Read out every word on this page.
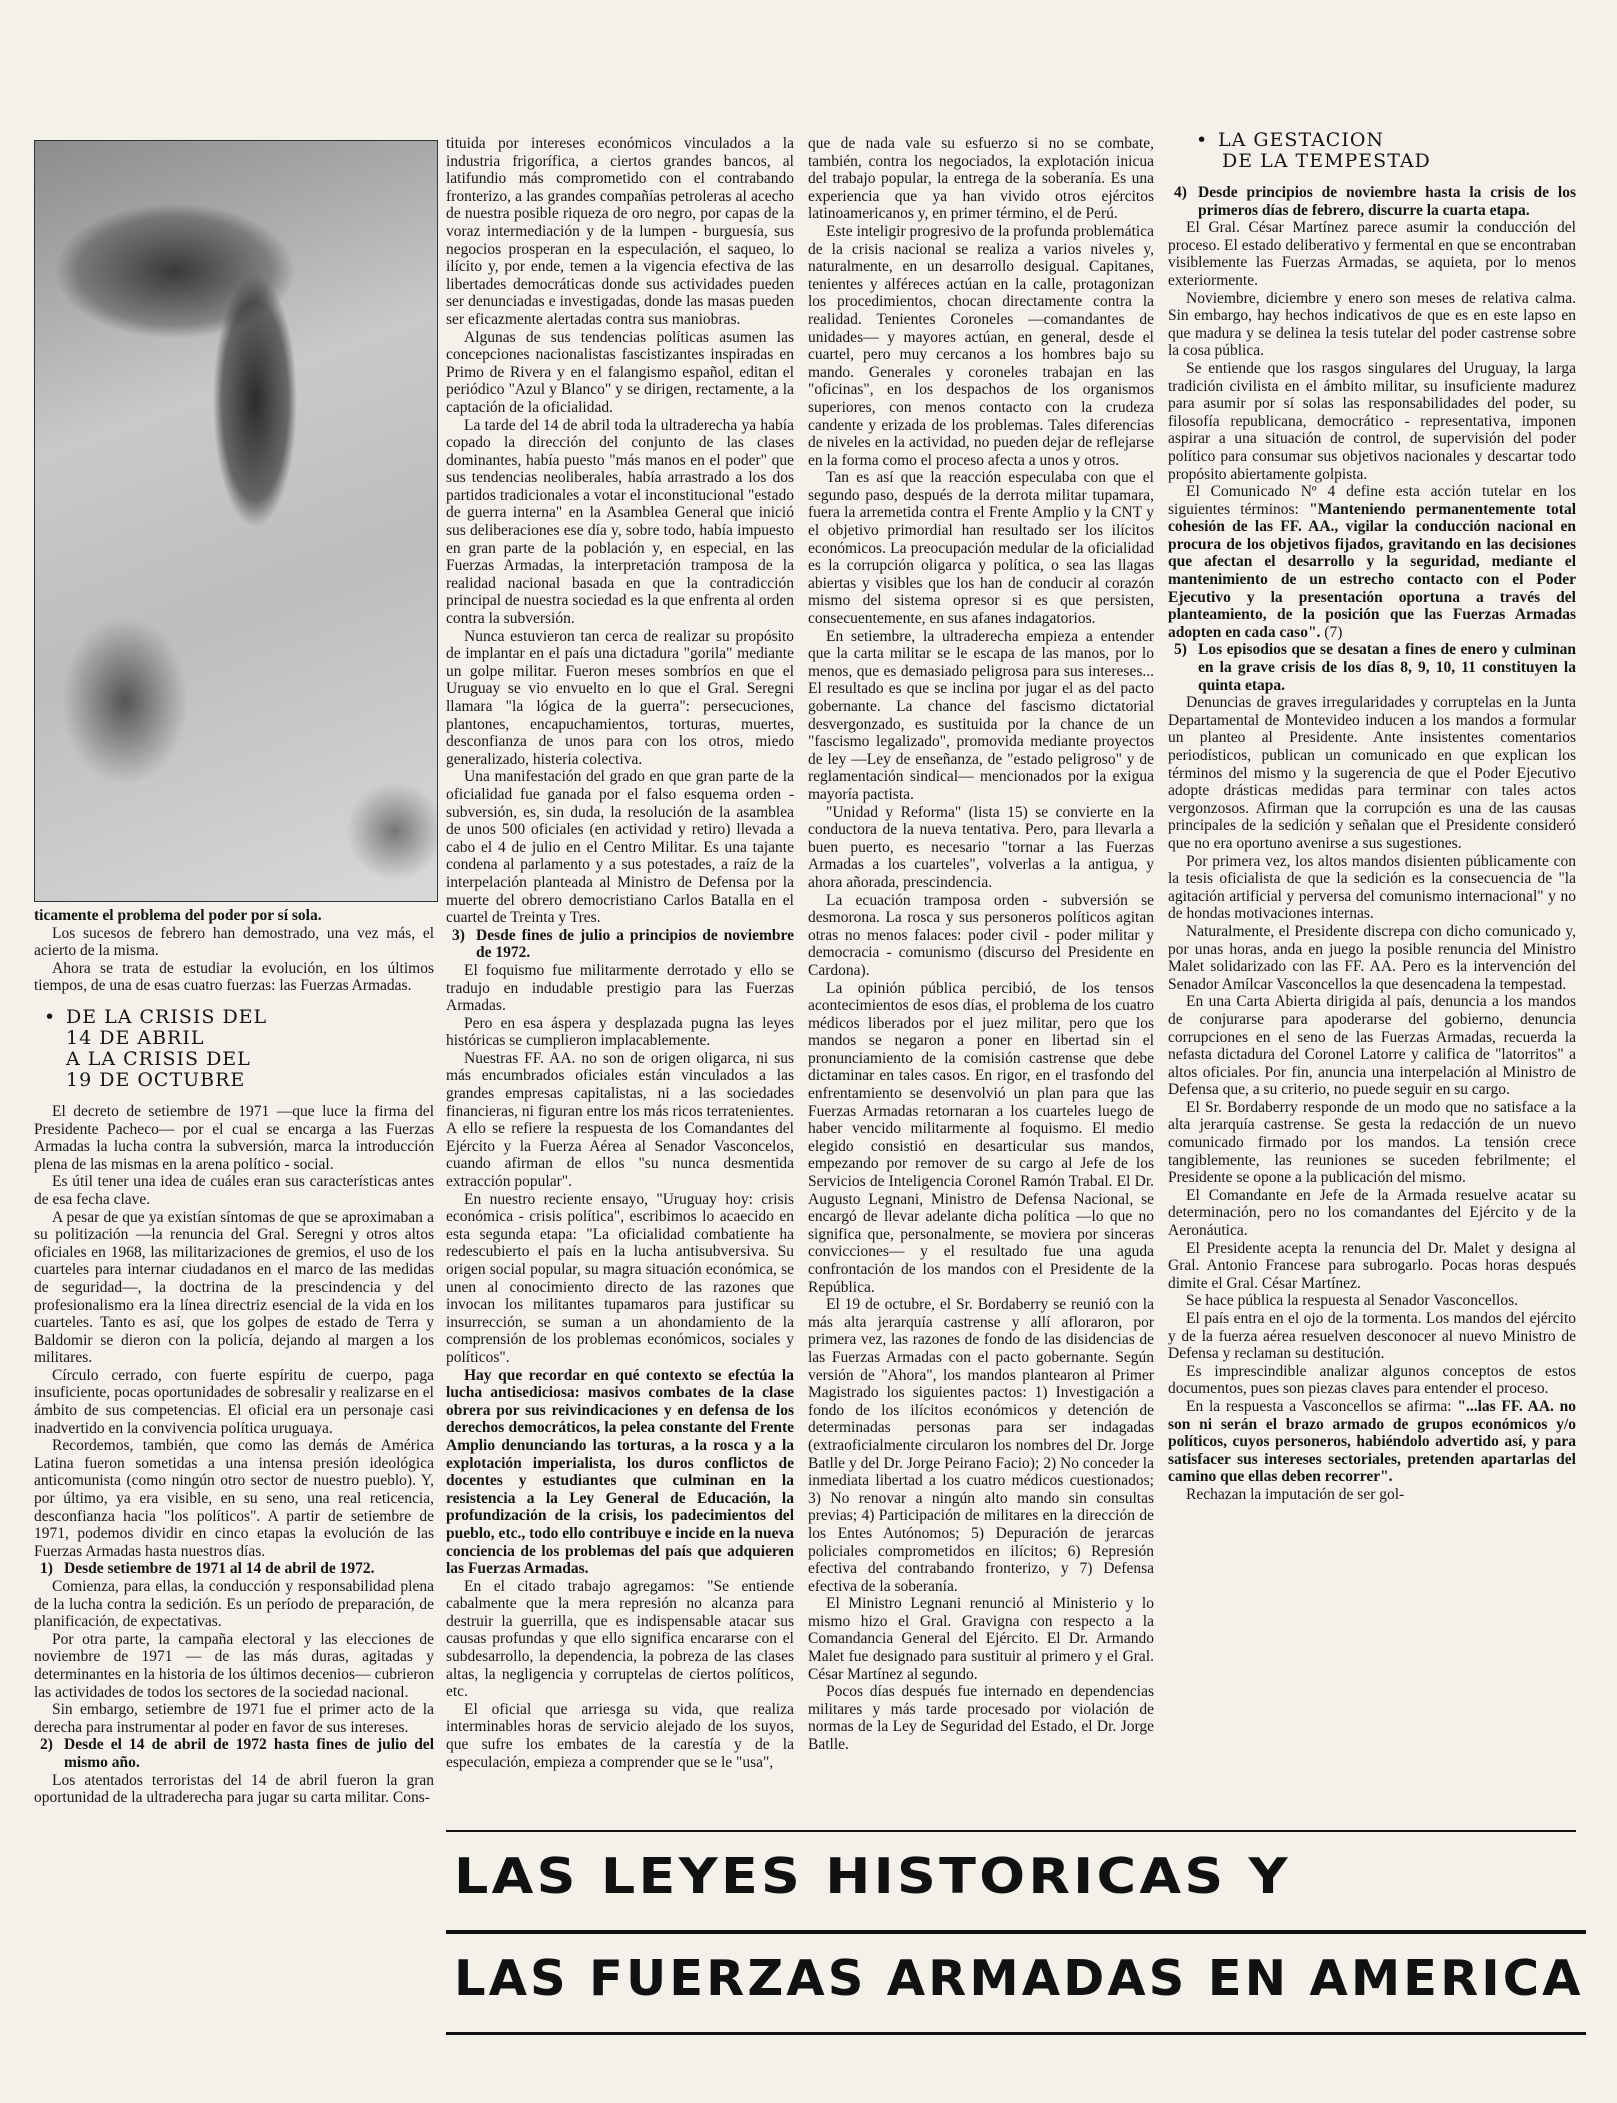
ticamente el problema del poder por sí sola.

Los sucesos de febrero han demostrado, una vez más, el acierto de la misma.

Ahora se trata de estudiar la evolución, en los últimos tiempos, de una de esas cuatro fuerzas: las Fuerzas Armadas.

• DE LA CRISIS DEL
14 DE ABRIL
A LA CRISIS DEL
19 DE OCTUBRE

El decreto de setiembre de 1971 —que luce la firma del Presidente Pacheco— por el cual se encarga a las Fuerzas Armadas la lucha contra la subversión, marca la introducción plena de las mismas en la arena político - social.

Es útil tener una idea de cuáles eran sus características antes de esa fecha clave.

A pesar de que ya existían síntomas de que se aproximaban a su politización —la renuncia del Gral. Seregni y otros altos oficiales en 1968, las militarizaciones de gremios, el uso de los cuarteles para internar ciudadanos en el marco de las medidas de seguridad—, la doctrina de la prescindencia y del profesionalismo era la línea directriz esencial de la vida en los cuarteles. Tanto es así, que los golpes de estado de Terra y Baldomir se dieron con la policía, dejando al margen a los militares.

Círculo cerrado, con fuerte espíritu de cuerpo, paga insuficiente, pocas oportunidades de sobresalir y realizarse en el ámbito de sus competencias. El oficial era un personaje casi inadvertido en la convivencia política uruguaya.

Recordemos, también, que como las demás de América Latina fueron sometidas a una intensa presión ideológica anticomunista (como ningún otro sector de nuestro pueblo). Y, por último, ya era visible, en su seno, una real reticencia, desconfianza hacia "los políticos". A partir de setiembre de 1971, podemos dividir en cinco etapas la evolución de las Fuerzas Armadas hasta nuestros días.

1) Desde setiembre de 1971 al 14 de abril de 1972.

Comienza, para ellas, la conducción y responsabilidad plena de la lucha contra la sedición. Es un período de preparación, de planificación, de expectativas.

Por otra parte, la campaña electoral y las elecciones de noviembre de 1971 — de las más duras, agitadas y determinantes en la historia de los últimos decenios— cubrieron las actividades de todos los sectores de la sociedad nacional.

Sin embargo, setiembre de 1971 fue el primer acto de la derecha para instrumentar al poder en favor de sus intereses.

2) Desde el 14 de abril de 1972 hasta fines de julio del mismo año.

Los atentados terroristas del 14 de abril fueron la gran oportunidad de la ultraderecha para jugar su carta militar. Cons-

tituida por intereses económicos vinculados a la industria frigorífica, a ciertos grandes bancos, al latifundio más comprometido con el contrabando fronterizo, a las grandes compañías petroleras al acecho de nuestra posible riqueza de oro negro, por capas de la voraz intermediación y de la lumpen - burguesía, sus negocios prosperan en la especulación, el saqueo, lo ilícito y, por ende, temen a la vigencia efectiva de las libertades democráticas donde sus actividades pueden ser denunciadas e investigadas, donde las masas pueden ser eficazmente alertadas contra sus maniobras.

Algunas de sus tendencias políticas asumen las concepciones nacionalistas fascistizantes inspiradas en Primo de Rivera y en el falangismo español, editan el periódico "Azul y Blanco" y se dirigen, rectamente, a la captación de la oficialidad.

La tarde del 14 de abril toda la ultraderecha ya había copado la dirección del conjunto de las clases dominantes, había puesto "más manos en el poder" que sus tendencias neoliberales, había arrastrado a los dos partidos tradicionales a votar el inconstitucional "estado de guerra interna" en la Asamblea General que inició sus deliberaciones ese día y, sobre todo, había impuesto en gran parte de la población y, en especial, en las Fuerzas Armadas, la interpretación tramposa de la realidad nacional basada en que la contradicción principal de nuestra sociedad es la que enfrenta al orden contra la subversión.

Nunca estuvieron tan cerca de realizar su propósito de implantar en el país una dictadura "gorila" mediante un golpe militar. Fueron meses sombríos en que el Uruguay se vio envuelto en lo que el Gral. Seregni llamara "la lógica de la guerra": persecuciones, plantones, encapuchamientos, torturas, muertes, desconfianza de unos para con los otros, miedo generalizado, histeria colectiva.

Una manifestación del grado en que gran parte de la oficialidad fue ganada por el falso esquema orden - subversión, es, sin duda, la resolución de la asamblea de unos 500 oficiales (en actividad y retiro) llevada a cabo el 4 de julio en el Centro Militar. Es una tajante condena al parlamento y a sus potestades, a raíz de la interpelación planteada al Ministro de Defensa por la muerte del obrero democristiano Carlos Batalla en el cuartel de Treinta y Tres.

3) Desde fines de julio a principios de noviembre de 1972.

El foquismo fue militarmente derrotado y ello se tradujo en indudable prestigio para las Fuerzas Armadas.

Pero en esa áspera y desplazada pugna las leyes históricas se cumplieron implacablemente.

Nuestras FF. AA. no son de origen oligarca, ni sus más encumbrados oficiales están vinculados a las grandes empresas capitalistas, ni a las sociedades financieras, ni figuran entre los más ricos terratenientes. A ello se refiere la respuesta de los Comandantes del Ejército y la Fuerza Aérea al Senador Vasconcelos, cuando afirman de ellos "su nunca desmentida extracción popular".

En nuestro reciente ensayo, "Uruguay hoy: crisis económica - crisis política", escribimos lo acaecido en esta segunda etapa: "La oficialidad combatiente ha redescubierto el país en la lucha antisubversiva. Su origen social popular, su magra situación económica, se unen al conocimiento directo de las razones que invocan los militantes tupamaros para justificar su insurrección, se suman a un ahondamiento de la comprensión de los problemas económicos, sociales y políticos".

Hay que recordar en qué contexto se efectúa la lucha antisediciosa: masivos combates de la clase obrera por sus reivindicaciones y en defensa de los derechos democráticos, la pelea constante del Frente Amplio denunciando las torturas, a la rosca y a la explotación imperialista, los duros conflictos de docentes y estudiantes que culminan en la resistencia a la Ley General de Educación, la profundización de la crisis, los padecimientos del pueblo, etc., todo ello contribuye e incide en la nueva conciencia de los problemas del país que adquieren las Fuerzas Armadas.

En el citado trabajo agregamos: "Se entiende cabalmente que la mera represión no alcanza para destruir la guerrilla, que es indispensable atacar sus causas profundas y que ello significa encararse con el subdesarrollo, la dependencia, la pobreza de las clases altas, la negligencia y corruptelas de ciertos políticos, etc.

El oficial que arriesga su vida, que realiza interminables horas de servicio alejado de los suyos, que sufre los embates de la carestía y de la especulación, empieza a comprender que se le "usa",

que de nada vale su esfuerzo si no se combate, también, contra los negociados, la explotación inicua del trabajo popular, la entrega de la soberanía. Es una experiencia que ya han vivido otros ejércitos latinoamericanos y, en primer término, el de Perú.

Este inteligir progresivo de la profunda problemática de la crisis nacional se realiza a varios niveles y, naturalmente, en un desarrollo desigual. Capitanes, tenientes y alféreces actúan en la calle, protagonizan los procedimientos, chocan directamente contra la realidad. Tenientes Coroneles —comandantes de unidades— y mayores actúan, en general, desde el cuartel, pero muy cercanos a los hombres bajo su mando. Generales y coroneles trabajan en las "oficinas", en los despachos de los organismos superiores, con menos contacto con la crudeza candente y erizada de los problemas. Tales diferencias de niveles en la actividad, no pueden dejar de reflejarse en la forma como el proceso afecta a unos y otros.

Tan es así que la reacción especulaba con que el segundo paso, después de la derrota militar tupamara, fuera la arremetida contra el Frente Amplio y la CNT y el objetivo primordial han resultado ser los ilícitos económicos. La preocupación medular de la oficialidad es la corrupción oligarca y política, o sea las llagas abiertas y visibles que los han de conducir al corazón mismo del sistema opresor si es que persisten, consecuentemente, en sus afanes indagatorios.

En setiembre, la ultraderecha empieza a entender que la carta militar se le escapa de las manos, por lo menos, que es demasiado peligrosa para sus intereses... El resultado es que se inclina por jugar el as del pacto gobernante. La chance del fascismo dictatorial desvergonzado, es sustituida por la chance de un "fascismo legalizado", promovida mediante proyectos de ley —Ley de enseñanza, de "estado peligroso" y de reglamentación sindical— mencionados por la exigua mayoría pactista.

"Unidad y Reforma" (lista 15) se convierte en la conductora de la nueva tentativa. Pero, para llevarla a buen puerto, es necesario "tornar a las Fuerzas Armadas a los cuarteles", volverlas a la antigua, y ahora añorada, prescindencia.

La ecuación tramposa orden - subversión se desmorona. La rosca y sus personeros políticos agitan otras no menos falaces: poder civil - poder militar y democracia - comunismo (discurso del Presidente en Cardona).

La opinión pública percibió, de los tensos acontecimientos de esos días, el problema de los cuatro médicos liberados por el juez militar, pero que los mandos se negaron a poner en libertad sin el pronunciamiento de la comisión castrense que debe dictaminar en tales casos. En rigor, en el trasfondo del enfrentamiento se desenvolvió un plan para que las Fuerzas Armadas retornaran a los cuarteles luego de haber vencido militarmente al foquismo. El medio elegido consistió en desarticular sus mandos, empezando por remover de su cargo al Jefe de los Servicios de Inteligencia Coronel Ramón Trabal. El Dr. Augusto Legnani, Ministro de Defensa Nacional, se encargó de llevar adelante dicha política —lo que no significa que, personalmente, se moviera por sinceras convicciones— y el resultado fue una aguda confrontación de los mandos con el Presidente de la República.

El 19 de octubre, el Sr. Bordaberry se reunió con la más alta jerarquía castrense y allí afloraron, por primera vez, las razones de fondo de las disidencias de las Fuerzas Armadas con el pacto gobernante. Según versión de "Ahora", los mandos plantearon al Primer Magistrado los siguientes pactos: 1) Investigación a fondo de los ilícitos económicos y detención de determinadas personas para ser indagadas (extraoficialmente circularon los nombres del Dr. Jorge Batlle y del Dr. Jorge Peirano Facio); 2) No conceder la inmediata libertad a los cuatro médicos cuestionados; 3) No renovar a ningún alto mando sin consultas previas; 4) Participación de militares en la dirección de los Entes Autónomos; 5) Depuración de jerarcas policiales comprometidos en ilícitos; 6) Represión efectiva del contrabando fronterizo, y 7) Defensa efectiva de la soberanía.

El Ministro Legnani renunció al Ministerio y lo mismo hizo el Gral. Gravigna con respecto a la Comandancia General del Ejército. El Dr. Armando Malet fue designado para sustituir al primero y el Gral. César Martínez al segundo.

Pocos días después fue internado en dependencias militares y más tarde procesado por violación de normas de la Ley de Seguridad del Estado, el Dr. Jorge Batlle.

• LA GESTACION
DE LA TEMPESTAD

4) Desde principios de noviembre hasta la crisis de los primeros días de febrero, discurre la cuarta etapa.

El Gral. César Martínez parece asumir la conducción del proceso. El estado deliberativo y fermental en que se encontraban visiblemente las Fuerzas Armadas, se aquieta, por lo menos exteriormente.

Noviembre, diciembre y enero son meses de relativa calma. Sin embargo, hay hechos indicativos de que es en este lapso en que madura y se delinea la tesis tutelar del poder castrense sobre la cosa pública.

Se entiende que los rasgos singulares del Uruguay, la larga tradición civilista en el ámbito militar, su insuficiente madurez para asumir por sí solas las responsabilidades del poder, su filosofía republicana, democrático - representativa, imponen aspirar a una situación de control, de supervisión del poder político para consumar sus objetivos nacionales y descartar todo propósito abiertamente golpista.

El Comunicado Nº 4 define esta acción tutelar en los siguientes términos: "Manteniendo permanentemente total cohesión de las FF. AA., vigilar la conducción nacional en procura de los objetivos fijados, gravitando en las decisiones que afectan el desarrollo y la seguridad, mediante el mantenimiento de un estrecho contacto con el Poder Ejecutivo y la presentación oportuna a través del planteamiento, de la posición que las Fuerzas Armadas adopten en cada caso". (7)

5) Los episodios que se desatan a fines de enero y culminan en la grave crisis de los días 8, 9, 10, 11 constituyen la quinta etapa.

Denuncias de graves irregularidades y corruptelas en la Junta Departamental de Montevideo inducen a los mandos a formular un planteo al Presidente. Ante insistentes comentarios periodísticos, publican un comunicado en que explican los términos del mismo y la sugerencia de que el Poder Ejecutivo adopte drásticas medidas para terminar con tales actos vergonzosos. Afirman que la corrupción es una de las causas principales de la sedición y señalan que el Presidente consideró que no era oportuno avenirse a sus sugestiones.

Por primera vez, los altos mandos disienten públicamente con la tesis oficialista de que la sedición es la consecuencia de "la agitación artificial y perversa del comunismo internacional" y no de hondas motivaciones internas.

Naturalmente, el Presidente discrepa con dicho comunicado y, por unas horas, anda en juego la posible renuncia del Ministro Malet solidarizado con las FF. AA. Pero es la intervención del Senador Amílcar Vasconcellos la que desencadena la tempestad.

En una Carta Abierta dirigida al país, denuncia a los mandos de conjurarse para apoderarse del gobierno, denuncia corrupciones en el seno de las Fuerzas Armadas, recuerda la nefasta dictadura del Coronel Latorre y califica de "latorritos" a altos oficiales. Por fin, anuncia una interpelación al Ministro de Defensa que, a su criterio, no puede seguir en su cargo.

El Sr. Bordaberry responde de un modo que no satisface a la alta jerarquía castrense. Se gesta la redacción de un nuevo comunicado firmado por los mandos. La tensión crece tangiblemente, las reuniones se suceden febrilmente; el Presidente se opone a la publicación del mismo.

El Comandante en Jefe de la Armada resuelve acatar su determinación, pero no los comandantes del Ejército y de la Aeronáutica.

El Presidente acepta la renuncia del Dr. Malet y designa al Gral. Antonio Francese para subrogarlo. Pocas horas después dimite el Gral. César Martínez.

Se hace pública la respuesta al Senador Vasconcellos.

El país entra en el ojo de la tormenta. Los mandos del ejército y de la fuerza aérea resuelven desconocer al nuevo Ministro de Defensa y reclaman su destitución.

Es imprescindible analizar algunos conceptos de estos documentos, pues son piezas claves para entender el proceso.

En la respuesta a Vasconcellos se afirma: "...las FF. AA. no son ni serán el brazo armado de grupos económicos y/o políticos, cuyos personeros, habiéndolo advertido así, y para satisfacer sus intereses sectoriales, pretenden apartarlas del camino que ellas deben recorrer".

Rechazan la imputación de ser gol-

LAS LEYES HISTORICAS Y
LAS FUERZAS ARMADAS EN AMERICA
